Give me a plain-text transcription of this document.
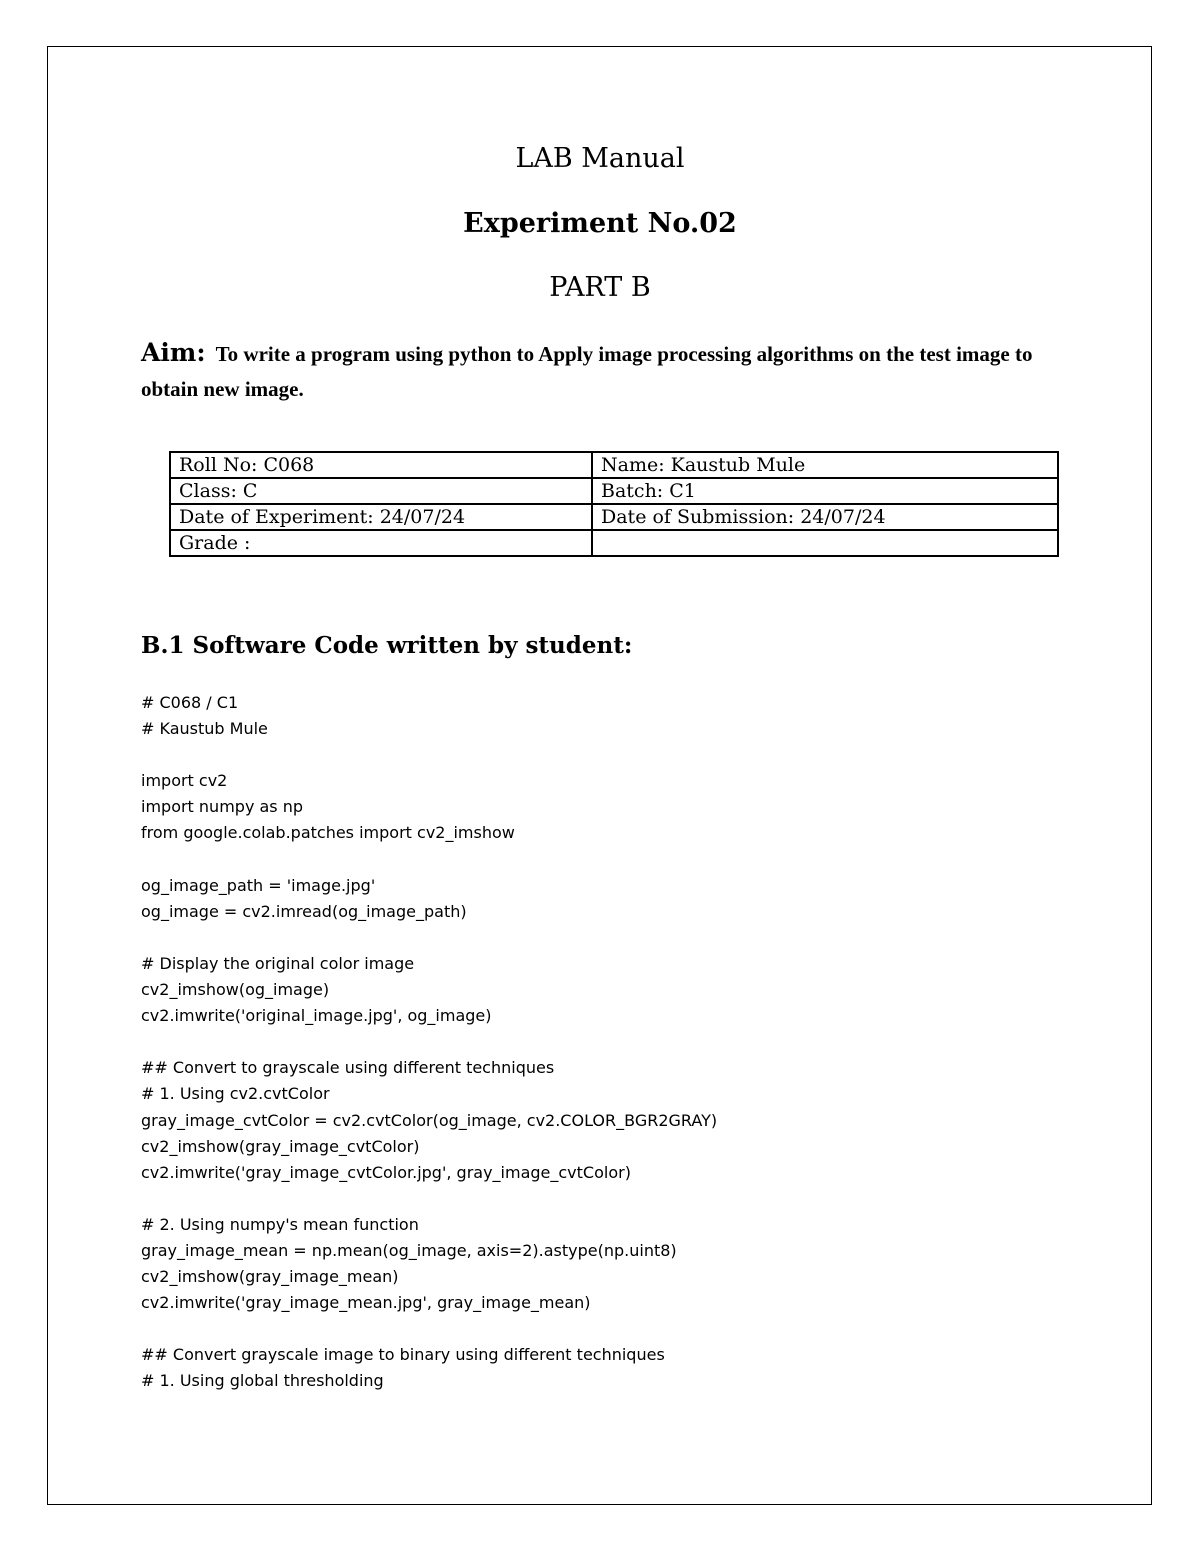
LAB Manual
Experiment No.02
PART B

Aim: To write a program using python to Apply image processing algorithms on the test image to obtain new image.

Roll No: C068	Name: Kaustub Mule
Class: C	Batch: C1
Date of Experiment: 24/07/24	Date of Submission: 24/07/24
Grade :	
B.1 Software Code written by student:
# C068 / C1
# Kaustub Mule
import cv2
import numpy as np
from google.colab.patches import cv2_imshow
og_image_path = 'image.jpg'
og_image = cv2.imread(og_image_path)
# Display the original color image
cv2_imshow(og_image)
cv2.imwrite('original_image.jpg', og_image)
## Convert to grayscale using different techniques
# 1. Using cv2.cvtColor
gray_image_cvtColor = cv2.cvtColor(og_image, cv2.COLOR_BGR2GRAY)
cv2_imshow(gray_image_cvtColor)
cv2.imwrite('gray_image_cvtColor.jpg', gray_image_cvtColor)
# 2. Using numpy's mean function
gray_image_mean = np.mean(og_image, axis=2).astype(np.uint8)
cv2_imshow(gray_image_mean)
cv2.imwrite('gray_image_mean.jpg', gray_image_mean)
## Convert grayscale image to binary using different techniques
# 1. Using global thresholding
